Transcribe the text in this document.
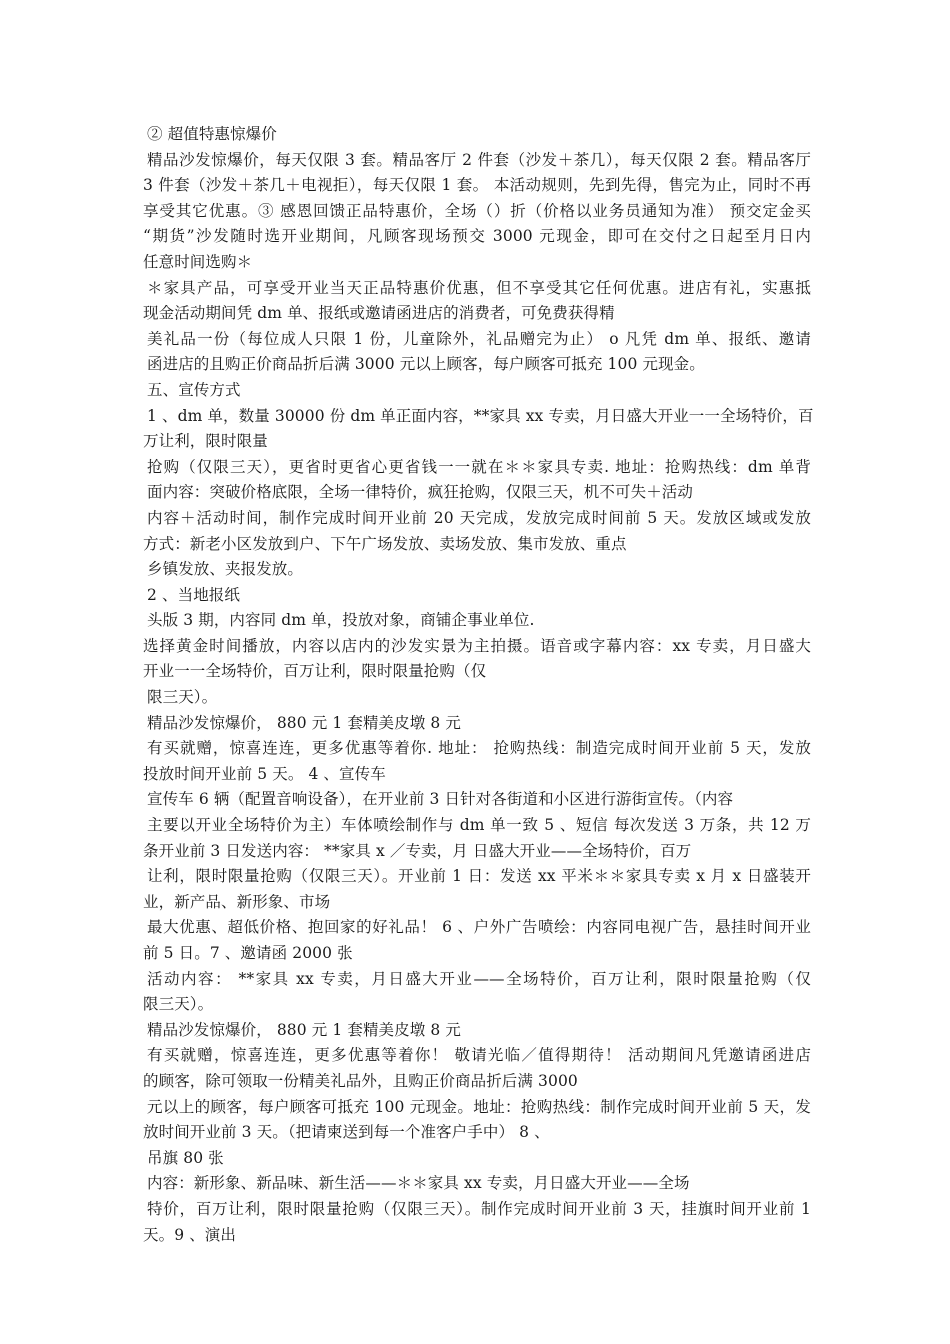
② 超值特惠惊爆价
精品沙发惊爆价，每天仅限 3 套。精品客厅 2 件套（沙发＋茶几），每天仅限 2 套。精品客厅
3 件套（沙发＋茶几＋电视拒），每天仅限 1 套。 本活动规则，先到先得，售完为止，同时不再
享受其它优惠。③ 感恩回馈正品特惠价，全场（）折（价格以业务员通知为准） 预交定金买
“期货”沙发随时选开业期间，凡顾客现场预交 3000 元现金，即可在交付之日起至月日内
任意时间选购＊
＊家具产品，可享受开业当天正品特惠价优惠，但不享受其它任何优惠。进店有礼，实惠抵
现金活动期间凭 dm 单、报纸或邀请函进店的消费者，可免费获得精
美礼品一份（每位成人只限 1 份，儿童除外，礼品赠完为止） o 凡凭 dm 单、报纸、邀请
函进店的且购正价商品折后满 3000 元以上顾客，每户顾客可抵充 100 元现金。
五、宣传方式
1 、dm 单，数量 30000 份 dm 单正面内容，**家具 xx 专卖，月日盛大开业一一全场特价，百
万让利，限时限量
抢购（仅限三天），更省时更省心更省钱一一就在＊＊家具专卖. 地址：抢购热线：dm 单背
面内容：突破价格底限，全场一律特价，疯狂抢购，仅限三天，机不可失＋活动
内容＋活动时间，制作完成时间开业前 20 天完成，发放完成时间前 5 天。发放区域或发放
方式：新老小区发放到户、下午广场发放、卖场发放、集市发放、重点
乡镇发放、夹报发放。
2 、当地报纸
头版 3 期，内容同 dm 单，投放对象，商铺企事业单位.
选择黄金时间播放，内容以店内的沙发实景为主拍摄。语音或字幕内容：xx 专卖，月日盛大
开业一一全场特价，百万让利，限时限量抢购（仅
限三天）。
精品沙发惊爆价， 880 元 1 套精美皮墩 8 元
有买就赠，惊喜连连，更多优惠等着你. 地址： 抢购热线：制造完成时间开业前 5 天，发放
投放时间开业前 5 天。 4 、宣传车
宣传车 6 辆（配置音响设备），在开业前 3 日针对各街道和小区进行游街宣传。（内容
主要以开业全场特价为主）车体喷绘制作与 dm 单一致 5 、短信 每次发送 3 万条，共 12 万
条开业前 3 日发送内容： **家具 x ／专卖，月 日盛大开业——全场特价，百万
让利，限时限量抢购（仅限三天）。开业前 1 日：发送 xx 平米＊＊家具专卖 x 月 x 日盛装开
业，新产品、新形象、市场
最大优惠、超低价格、抱回家的好礼品！ 6 、户外广告喷绘：内容同电视广告，悬挂时间开业
前 5 日。7 、邀请函 2000 张
活动内容： **家具 xx 专卖，月日盛大开业——全场特价，百万让利，限时限量抢购（仅
限三天）。
精品沙发惊爆价， 880 元 1 套精美皮墩 8 元
有买就赠，惊喜连连，更多优惠等着你！ 敬请光临／值得期待！ 活动期间凡凭邀请函进店
的顾客，除可领取一份精美礼品外，且购正价商品折后满 3000
元以上的顾客，每户顾客可抵充 100 元现金。地址：抢购热线：制作完成时间开业前 5 天，发
放时间开业前 3 天。（把请柬送到每一个准客户手中） 8 、
吊旗 80 张
内容：新形象、新品味、新生活——＊＊家具 xx 专卖，月日盛大开业——全场
特价，百万让利，限时限量抢购（仅限三天）。制作完成时间开业前 3 天，挂旗时间开业前 1
天。9 、演出
